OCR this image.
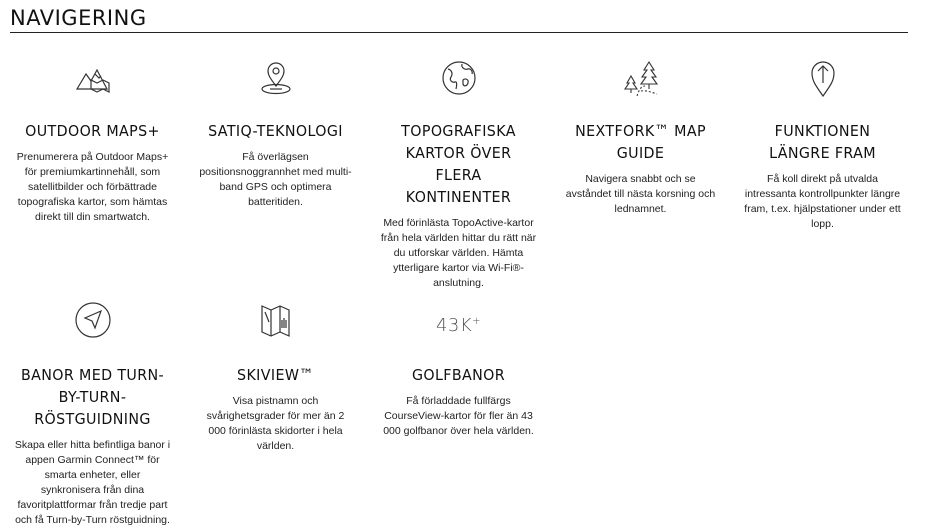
NAVIGERING
OUTDOOR MAPS+

Prenumerera på Outdoor Maps+ för premiumkartinnehåll, som satellitbilder och förbättrade topografiska kartor, som hämtas direkt till din smartwatch.

SATIQ-TEKNOLOGI

Få överlägsen positionsnoggrannhet med multi-band GPS och optimera batteritiden.

TOPOGRAFISKA KARTOR ÖVER FLERA KONTINENTER

Med förinlästa TopoActive-kartor från hela världen hittar du rätt när du utforskar världen. Hämta ytterligare kartor via Wi-Fi®-anslutning.

NEXTFORK™ MAP GUIDE

Navigera snabbt och se avståndet till nästa korsning och lednamnet.

FUNKTIONEN LÄNGRE FRAM

Få koll direkt på utvalda intressanta kontrollpunkter längre fram, t.ex. hjälpstationer under ett lopp.

BANOR MED TURN-BY-TURN-RÖSTGUIDNING

Skapa eller hitta befintliga banor i appen Garmin Connect™ för smarta enheter, eller synkronisera från dina favoritplattformar från tredje part och få Turn-by-Turn röstguidning.

SKIVIEW™

Visa pistnamn och svårighetsgrader för mer än 2 000 förinlästa skidorter i hela världen.

43K+
GOLFBANOR

Få förladdade fullfärgs CourseView-kartor för fler än 43 000 golfbanor över hela världen.
